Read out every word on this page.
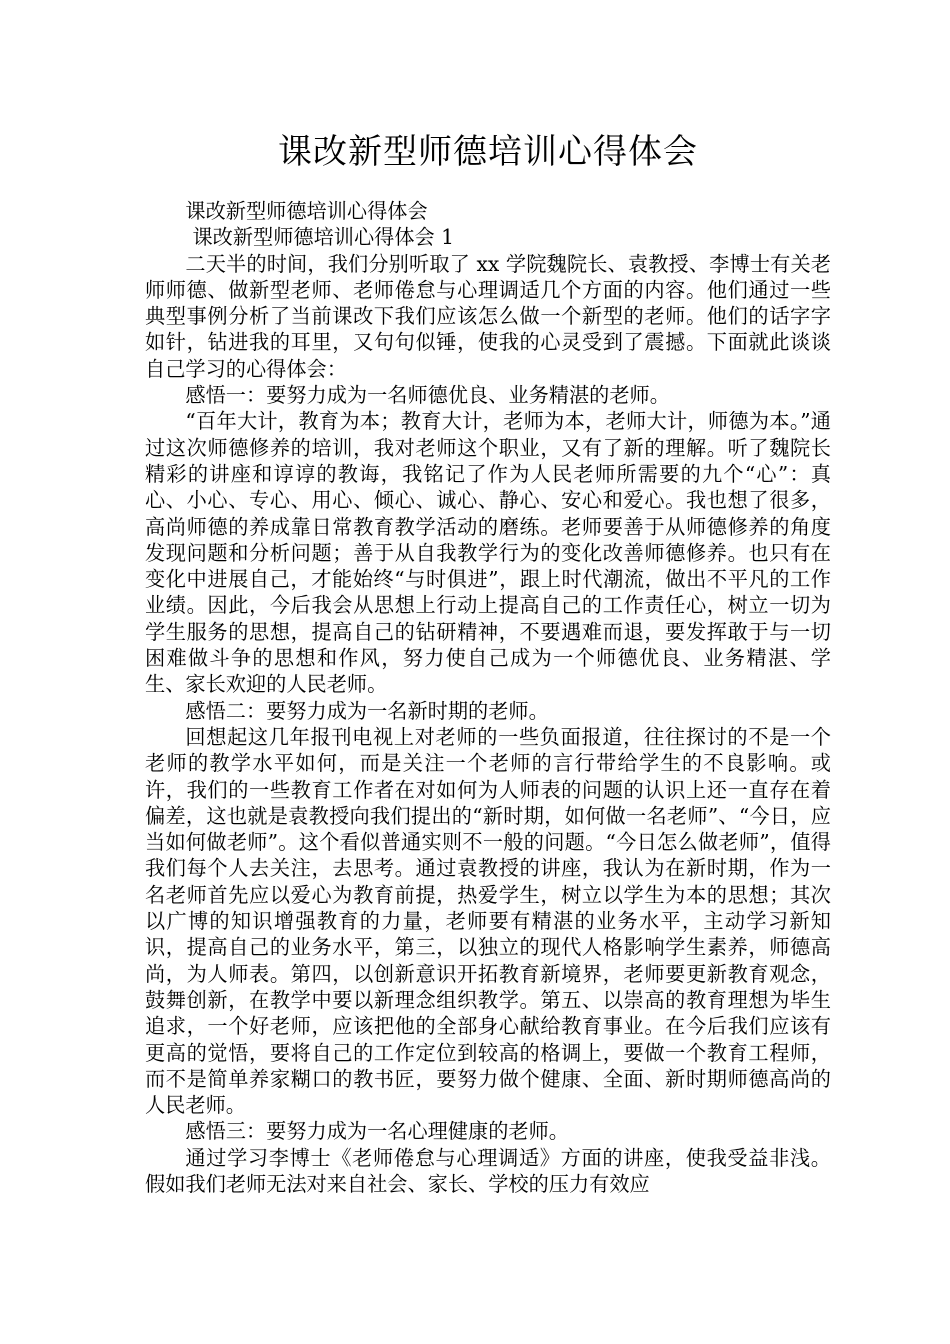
课改新型师德培训心得体会

课改新型师德培训心得体会

课改新型师德培训心得体会 1

二天半的时间，我们分别听取了 xx 学院魏院长、袁教授、李博士有关老师师德、做新型老师、老师倦怠与心理调适几个方面的内容。他们通过一些典型事例分析了当前课改下我们应该怎么做一个新型的老师。他们的话字字如针，钻进我的耳里，又句句似锤，使我的心灵受到了震撼。下面就此谈谈自己学习的心得体会：

感悟一：要努力成为一名师德优良、业务精湛的老师。

“百年大计，教育为本；教育大计，老师为本，老师大计，师德为本。”通过这次师德修养的培训，我对老师这个职业，又有了新的理解。听了魏院长精彩的讲座和谆谆的教诲，我铭记了作为人民老师所需要的九个“心”：真心、小心、专心、用心、倾心、诚心、静心、安心和爱心。我也想了很多，高尚师德的养成靠日常教育教学活动的磨练。老师要善于从师德修养的角度发现问题和分析问题；善于从自我教学行为的变化改善师德修养。也只有在变化中进展自己，才能始终“与时俱进”，跟上时代潮流，做出不平凡的工作业绩。因此，今后我会从思想上行动上提高自己的工作责任心，树立一切为学生服务的思想，提高自己的钻研精神，不要遇难而退，要发挥敢于与一切困难做斗争的思想和作风，努力使自己成为一个师德优良、业务精湛、学生、家长欢迎的人民老师。

感悟二：要努力成为一名新时期的老师。

回想起这几年报刊电视上对老师的一些负面报道，往往探讨的不是一个老师的教学水平如何，而是关注一个老师的言行带给学生的不良影响。或许，我们的一些教育工作者在对如何为人师表的问题的认识上还一直存在着偏差，这也就是袁教授向我们提出的“新时期，如何做一名老师”、“今日，应当如何做老师”。这个看似普通实则不一般的问题。“今日怎么做老师”，值得我们每个人去关注，去思考。通过袁教授的讲座，我认为在新时期，作为一名老师首先应以爱心为教育前提，热爱学生，树立以学生为本的思想；其次以广博的知识增强教育的力量，老师要有精湛的业务水平，主动学习新知识，提高自己的业务水平，第三，以独立的现代人格影响学生素养，师德高尚，为人师表。第四，以创新意识开拓教育新境界，老师要更新教育观念，鼓舞创新，在教学中要以新理念组织教学。第五、以崇高的教育理想为毕生追求，一个好老师，应该把他的全部身心献给教育事业。在今后我们应该有更高的觉悟，要将自己的工作定位到较高的格调上，要做一个教育工程师，而不是简单养家糊口的教书匠，要努力做个健康、全面、新时期师德高尚的人民老师。

感悟三：要努力成为一名心理健康的老师。

通过学习李博士《老师倦怠与心理调适》方面的讲座，使我受益非浅。假如我们老师无法对来自社会、家长、学校的压力有效应
